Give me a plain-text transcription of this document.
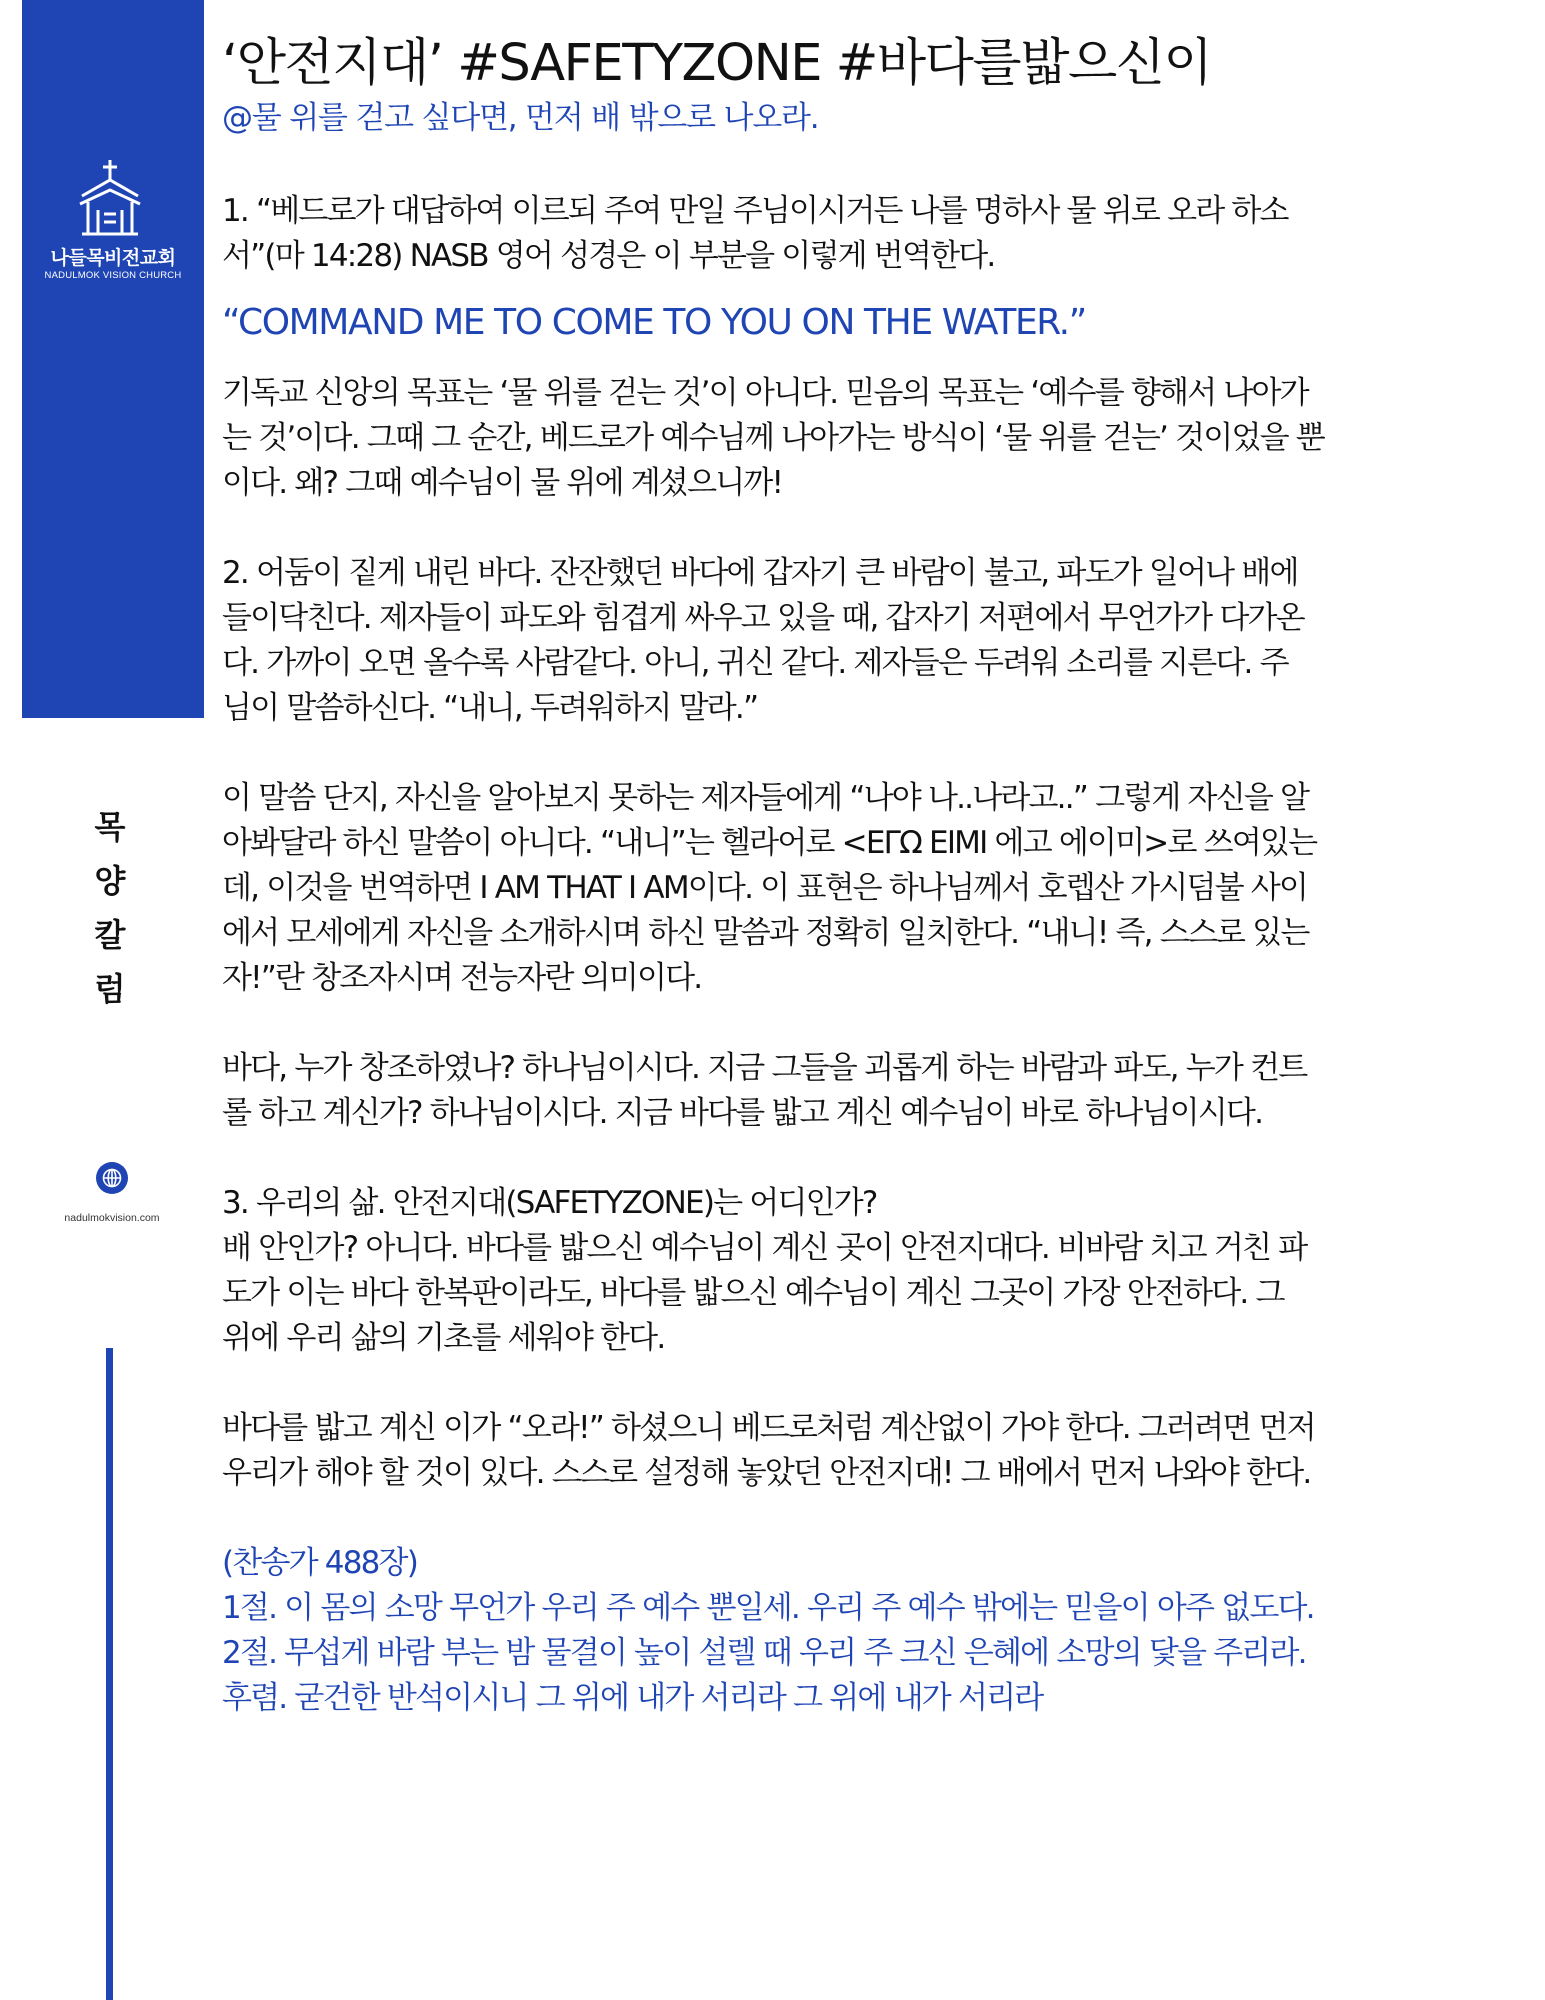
나들목비전교회
NADULMOK VISION CHURCH
목
양
칼
럼
nadulmokvision.com
‘안전지대’ #SAFETYZONE #바다를밟으신이
@물 위를 걷고 싶다면, 먼저 배 밖으로 나오라.
1. “베드로가 대답하여 이르되 주여 만일 주님이시거든 나를 명하사 물 위로 오라 하소
서”(마 14:28) NASB 영어 성경은 이 부분을 이렇게 번역한다.
“COMMAND ME TO COME TO YOU ON THE WATER.”
기독교 신앙의 목표는 ‘물 위를 걷는 것’이 아니다. 믿음의 목표는 ‘예수를 향해서 나아가
는 것’이다. 그때 그 순간, 베드로가 예수님께 나아가는 방식이 ‘물 위를 걷는’ 것이었을 뿐
이다. 왜? 그때 예수님이 물 위에 계셨으니까!
2. 어둠이 짙게 내린 바다. 잔잔했던 바다에 갑자기 큰 바람이 불고, 파도가 일어나 배에
들이닥친다. 제자들이 파도와 힘겹게 싸우고 있을 때, 갑자기 저편에서 무언가가 다가온
다. 가까이 오면 올수록 사람같다. 아니, 귀신 같다. 제자들은 두려워 소리를 지른다. 주
님이 말씀하신다. “내니, 두려워하지 말라.”
이 말씀 단지, 자신을 알아보지 못하는 제자들에게 “나야 나..나라고..” 그렇게 자신을 알
아봐달라 하신 말씀이 아니다. “내니”는 헬라어로 <ΕΓΩ ΕΙΜΙ 에고 에이미>로 쓰여있는
데, 이것을 번역하면 I AM THAT I AM이다. 이 표현은 하나님께서 호렙산 가시덤불 사이
에서 모세에게 자신을 소개하시며 하신 말씀과 정확히 일치한다. “내니! 즉, 스스로 있는
자!”란 창조자시며 전능자란 의미이다.
바다, 누가 창조하였나? 하나님이시다. 지금 그들을 괴롭게 하는 바람과 파도, 누가 컨트
롤 하고 계신가? 하나님이시다. 지금 바다를 밟고 계신 예수님이 바로 하나님이시다.
3. 우리의 삶. 안전지대(SAFETYZONE)는 어디인가?
배 안인가? 아니다. 바다를 밟으신 예수님이 계신 곳이 안전지대다. 비바람 치고 거친 파
도가 이는 바다 한복판이라도, 바다를 밟으신 예수님이 계신 그곳이 가장 안전하다. 그
위에 우리 삶의 기초를 세워야 한다.
바다를 밟고 계신 이가 “오라!” 하셨으니 베드로처럼 계산없이 가야 한다. 그러려면 먼저
우리가 해야 할 것이 있다. 스스로 설정해 놓았던 안전지대! 그 배에서 먼저 나와야 한다.
(찬송가 488장)
1절. 이 몸의 소망 무언가 우리 주 예수 뿐일세. 우리 주 예수 밖에는 믿을이 아주 없도다.
2절. 무섭게 바람 부는 밤 물결이 높이 설렐 때 우리 주 크신 은혜에 소망의 닻을 주리라.
후렴. 굳건한 반석이시니 그 위에 내가 서리라 그 위에 내가 서리라
